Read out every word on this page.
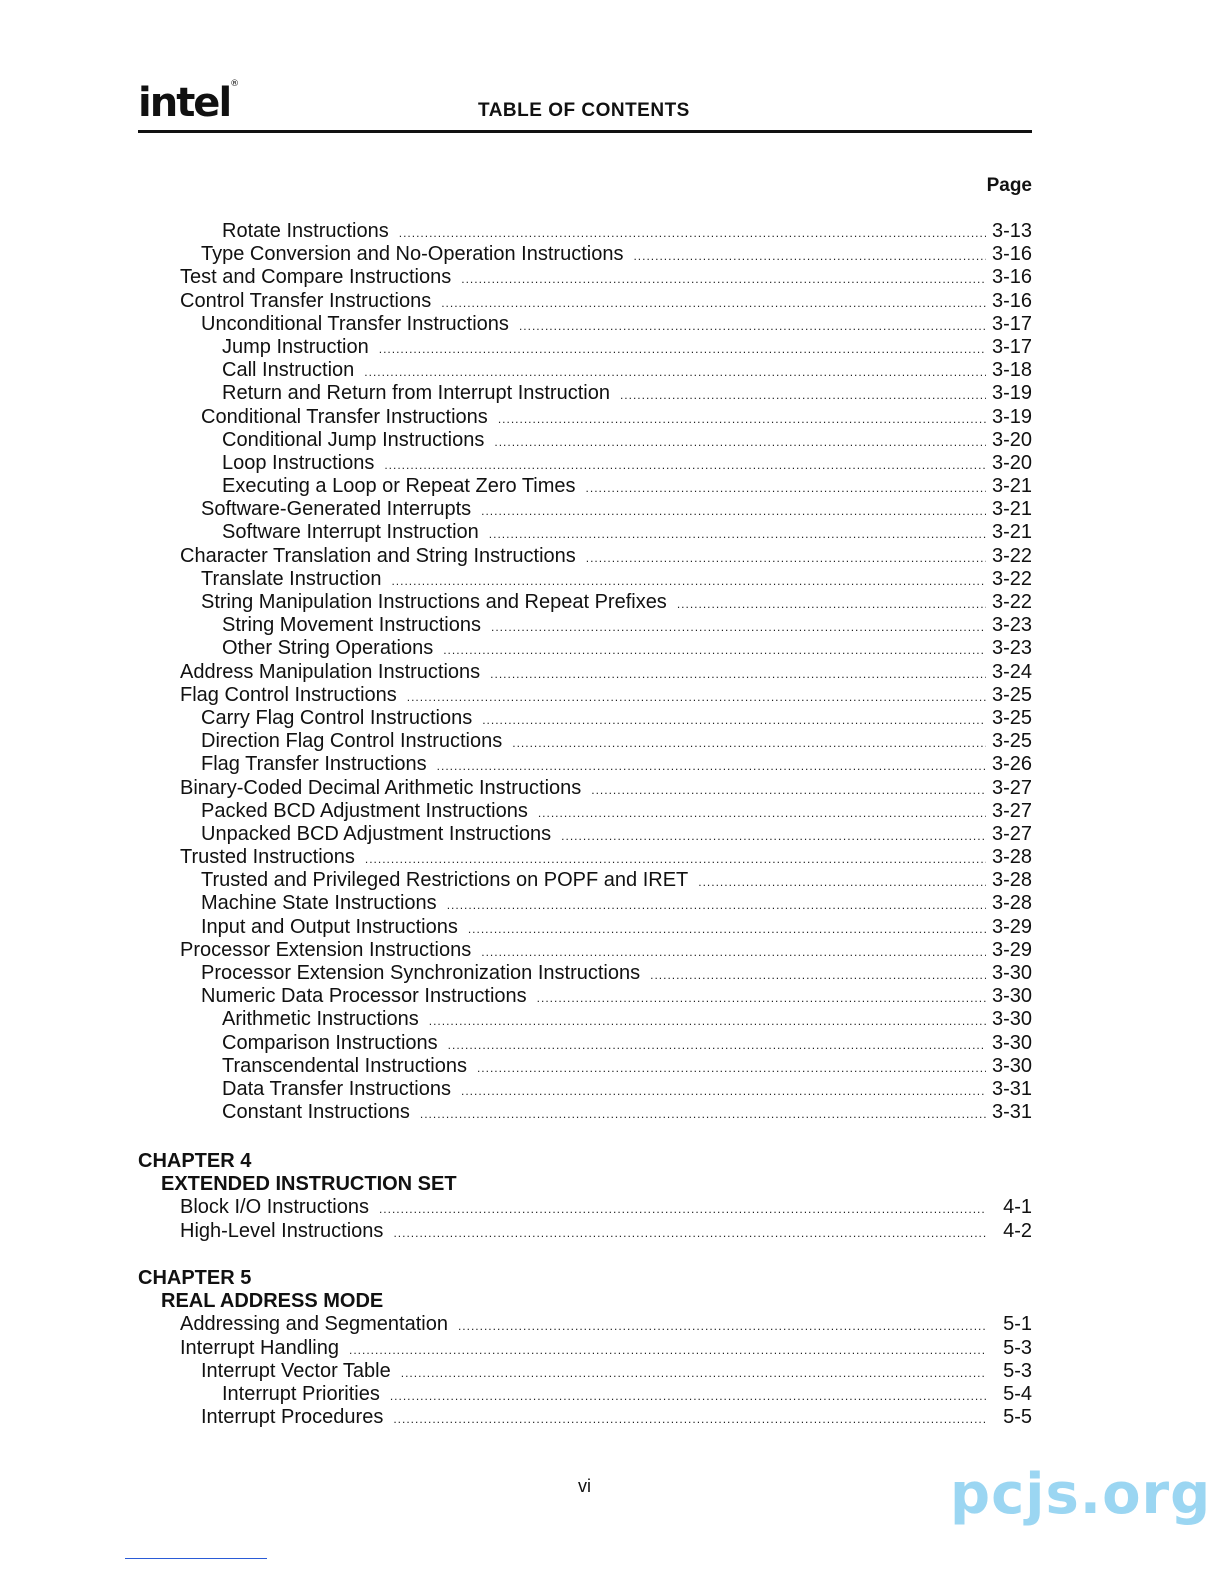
intel®
TABLE OF CONTENTS
Page
Rotate Instructions .....	3-13
Type Conversion and No-Operation Instructions .....	3-16
Test and Compare Instructions .....	3-16
Control Transfer Instructions .....	3-16
Unconditional Transfer Instructions .....	3-17
Jump Instruction .....	3-17
Call Instruction .....	3-18
Return and Return from Interrupt Instruction .....	3-19
Conditional Transfer Instructions .....	3-19
Conditional Jump Instructions .....	3-20
Loop Instructions .....	3-20
Executing a Loop or Repeat Zero Times .....	3-21
Software-Generated Interrupts .....	3-21
Software Interrupt Instruction .....	3-21
Character Translation and String Instructions .....	3-22
Translate Instruction .....	3-22
String Manipulation Instructions and Repeat Prefixes .....	3-22
String Movement Instructions .....	3-23
Other String Operations .....	3-23
Address Manipulation Instructions .....	3-24
Flag Control Instructions .....	3-25
Carry Flag Control Instructions .....	3-25
Direction Flag Control Instructions .....	3-25
Flag Transfer Instructions .....	3-26
Binary-Coded Decimal Arithmetic Instructions .....	3-27
Packed BCD Adjustment Instructions .....	3-27
Unpacked BCD Adjustment Instructions .....	3-27
Trusted Instructions .....	3-28
Trusted and Privileged Restrictions on POPF and IRET .....	3-28
Machine State Instructions .....	3-28
Input and Output Instructions .....	3-29
Processor Extension Instructions .....	3-29
Processor Extension Synchronization Instructions .....	3-30
Numeric Data Processor Instructions .....	3-30
Arithmetic Instructions .....	3-30
Comparison Instructions .....	3-30
Transcendental Instructions .....	3-30
Data Transfer Instructions .....	3-31
Constant Instructions .....	3-31
CHAPTER 4
EXTENDED INSTRUCTION SET
Block I/O Instructions .....	4-1
High-Level Instructions .....	4-2
CHAPTER 5
REAL ADDRESS MODE
Addressing and Segmentation .....	5-1
Interrupt Handling .....	5-3
Interrupt Vector Table .....	5-3
Interrupt Priorities .....	5-4
Interrupt Procedures .....	5-5
vi	pcjs.org
